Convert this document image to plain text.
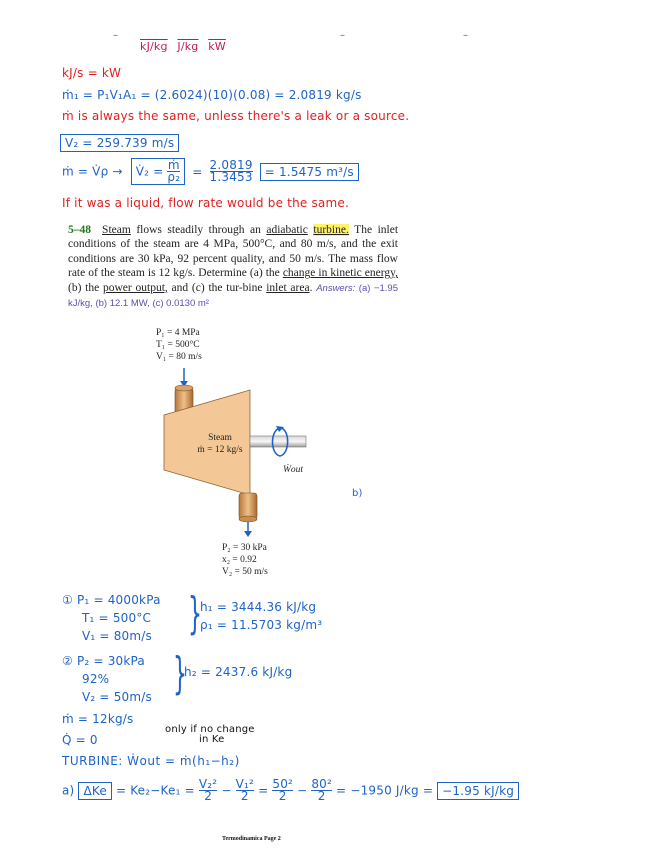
–	–	–
kJ/kg J/kg $\overline{kW}$
kJ/s = kW
ṁ₁ = P₁V₁A₁ = (2.6024)(10)(0.08) = 2.0819 kg/s
ṁ is always the same, unless there's a leak or a source.
V₂ = 259.739 m/s
ṁ = V̇ρ → V̇₂ = $\frac{\text{ṁ}}{\text{ρ₂}} = \frac{2.0819}{1.3453} = 1.5475$ m³/s
If it was a liquid, flow rate would be the same.
5–48 Steam flows steadily through an adiabatic turbine. The inlet conditions of the steam are 4 MPa, 500°C, and 80 m/s, and the exit conditions are 30 kPa, 92 percent quality, and 50 m/s. The mass flow rate of the steam is 12 kg/s. Determine (a) the change in kinetic energy, (b) the power output, and (c) the tur-bine inlet area. Answers: (a) −1.95 kJ/kg, (b) 12.1 MW, (c) 0.0130 m²
P₁ = 4 MPa
T₁ = 500°C
V₁ = 80 m/s
Steam
ṁ = 12 kg/s
Ẇout
P₂ = 30 kPa
x₂ = 0.92
V₂ = 50 m/s
b)
① P₁ = 4000kPa
T₁ = 500°C
V₁ = 80m/s }
h₁ = 3444.36 kJ/kg
ρ₁ = 11.5703 kg/m³
② P₂ = 30kPa
92%
V₂ = 50m/s }
h₂ = 2437.6 kJ/kg
ṁ = 12kg/s
Q̇ = 0
only if no change
in Ke
TURBINE: Ẇout = ṁ(h₁−h₂)
a) $\Delta Ke = Ke_2-Ke_1 = \frac{\text{V₂²}}{2} - \frac{\text{V₁²}}{2} = \frac{\text{50²}}{2} - \frac{\text{80²}}{2} = -1950$ J/kg = −1.95 kJ/kg
Termodinamica Page 2
